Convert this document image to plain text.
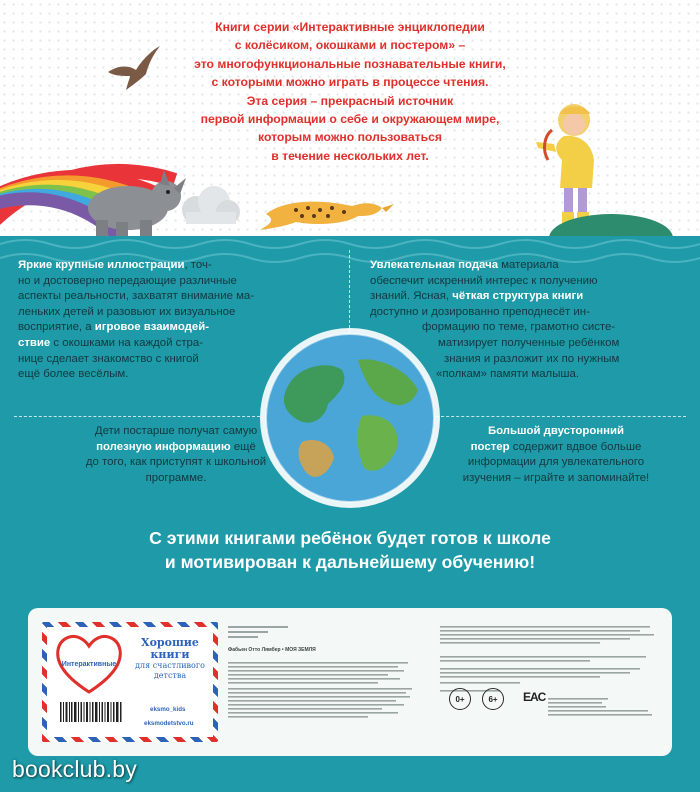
Книги серии «Интерактивные энциклопедии
с колёсиком, окошками и постером» –
это многофункциональные познавательные книги,
с которыми можно играть в процессе чтения.
Эта серия – прекрасный источник
первой информации о себе и окружающем мире,
которым можно пользоваться
в течение нескольких лет.

Яркие крупные иллюстрации, точ-
но и достоверно передающие различные
аспекты реальности, захватят внимание ма-
леньких детей и разовьют их визуальное
восприятие, а игровое взаимодей-
ствие с окошками на каждой стра-
нице сделает знакомство с книгой
ещё более весёлым.

Увлекательная подача материала
обеспечит искренний интерес к получению
знаний. Ясная, чёткая структура книги
доступно и дозированно преподнесёт ин-
формацию по теме, грамотно систе-
матизирует полученные ребёнком
знания и разложит их по нужным
«полкам» памяти малыша.

Дети постарше получат самую
полезную информацию ещё
до того, как приступят к школьной
программе.

Большой двусторонний
постер содержит вдвое больше
информации для увлекательного
изучения – играйте и запоминайте!

С этими книгами ребёнок будет готов к школе
и мотивирован к дальнейшему обучению!

Интерактивные
Хорошие
книги
для счастливого
детства
eksmo_kids
eksmodetstvo.ru
Фабьен Отто Лямбер • МОЯ ЗЕМЛЯ
0+	6+	EAC
bookclub.by
